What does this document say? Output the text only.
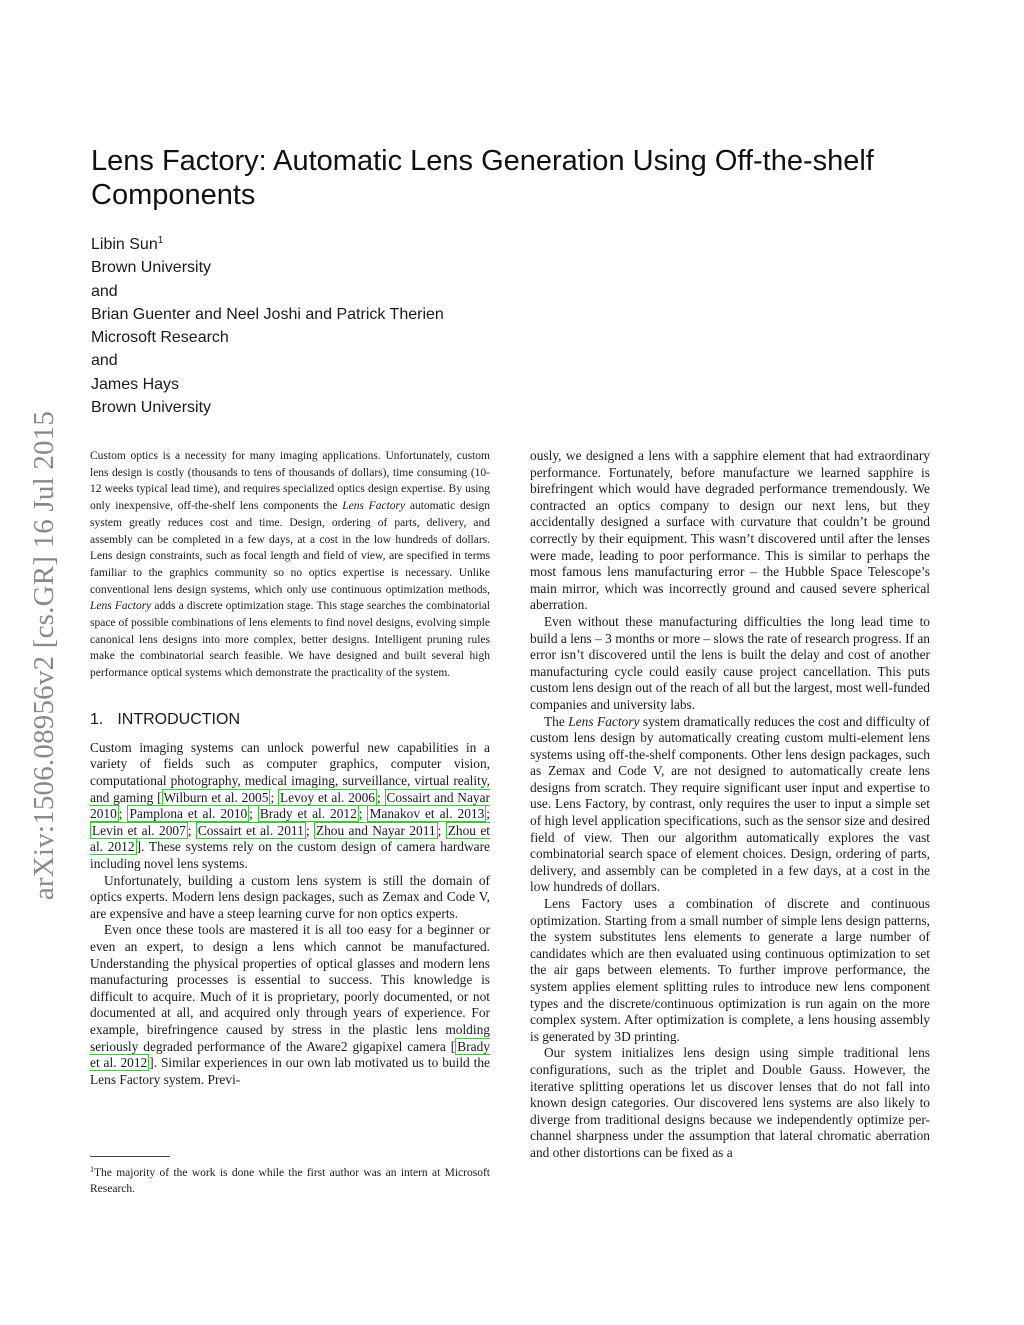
arXiv:1506.08956v2 [cs.GR] 16 Jul 2015
Lens Factory: Automatic Lens Generation Using Off-the-shelf Components
Libin Sun$^1$
Brown University
and
Brian Guenter and Neel Joshi and Patrick Therien
Microsoft Research
and
James Hays
Brown University

Custom optics is a necessity for many imaging applications. Unfortunately, custom lens design is costly (thousands to tens of thousands of dollars), time consuming (10-12 weeks typical lead time), and requires specialized optics design expertise. By using only inexpensive, off-the-shelf lens components the Lens Factory automatic design system greatly reduces cost and time. Design, ordering of parts, delivery, and assembly can be completed in a few days, at a cost in the low hundreds of dollars. Lens design constraints, such as focal length and field of view, are specified in terms familiar to the graphics community so no optics expertise is necessary. Unlike conventional lens design systems, which only use continuous optimization methods, Lens Factory adds a discrete optimization stage. This stage searches the combinatorial space of possible combinations of lens elements to find novel designs, evolving simple canonical lens designs into more complex, better designs. Intelligent pruning rules make the combinatorial search feasible. We have designed and built several high performance optical systems which demonstrate the practicality of the system.

1. INTRODUCTION

Custom imaging systems can unlock powerful new capabilities in a variety of fields such as computer graphics, computer vision, computational photography, medical imaging, surveillance, virtual reality, and gaming [ Wilburn et al. 2005 ; Levoy et al. 2006 ; Cossairt and Nayar 2010 ; Pamplona et al. 2010 ; Brady et al. 2012 ; Manakov et al. 2013 ; Levin et al. 2007 ; Cossairt et al. 2011 ; Zhou and Nayar 2011 ; Zhou et al. 2012 ]. These systems rely on the custom design of camera hardware including novel lens systems.

Unfortunately, building a custom lens system is still the domain of optics experts. Modern lens design packages, such as Zemax and Code V, are expensive and have a steep learning curve for non optics experts.

Even once these tools are mastered it is all too easy for a beginner or even an expert, to design a lens which cannot be manufactured. Understanding the physical properties of optical glasses and modern lens manufacturing processes is essential to success. This knowledge is difficult to acquire. Much of it is proprietary, poorly documented, or not documented at all, and acquired only through years of experience. For example, birefringence caused by stress in the plastic lens molding seriously degraded performance of the Aware2 gigapixel camera [ Brady et al. 2012 ]. Similar experiences in our own lab motivated us to build the Lens Factory system. Previ-

$^1$The majority of the work is done while the first author was an intern at Microsoft Research.

ously, we designed a lens with a sapphire element that had extraordinary performance. Fortunately, before manufacture we learned sapphire is birefringent which would have degraded performance tremendously. We contracted an optics company to design our next lens, but they accidentally designed a surface with curvature that couldn’t be ground correctly by their equipment. This wasn’t discovered until after the lenses were made, leading to poor performance. This is similar to perhaps the most famous lens manufacturing error – the Hubble Space Telescope’s main mirror, which was incorrectly ground and caused severe spherical aberration.

Even without these manufacturing difficulties the long lead time to build a lens – 3 months or more – slows the rate of research progress. If an error isn’t discovered until the lens is built the delay and cost of another manufacturing cycle could easily cause project cancellation. This puts custom lens design out of the reach of all but the largest, most well-funded companies and university labs.

The Lens Factory system dramatically reduces the cost and difficulty of custom lens design by automatically creating custom multi-element lens systems using off-the-shelf components. Other lens design packages, such as Zemax and Code V, are not designed to automatically create lens designs from scratch. They require significant user input and expertise to use. Lens Factory, by contrast, only requires the user to input a simple set of high level application specifications, such as the sensor size and desired field of view. Then our algorithm automatically explores the vast combinatorial search space of element choices. Design, ordering of parts, delivery, and assembly can be completed in a few days, at a cost in the low hundreds of dollars.

Lens Factory uses a combination of discrete and continuous optimization. Starting from a small number of simple lens design patterns, the system substitutes lens elements to generate a large number of candidates which are then evaluated using continuous optimization to set the air gaps between elements. To further improve performance, the system applies element splitting rules to introduce new lens component types and the discrete/continuous optimization is run again on the more complex system. After optimization is complete, a lens housing assembly is generated by 3D printing.

Our system initializes lens design using simple traditional lens configurations, such as the triplet and Double Gauss. However, the iterative splitting operations let us discover lenses that do not fall into known design categories. Our discovered lens systems are also likely to diverge from traditional designs because we independently optimize per-channel sharpness under the assumption that lateral chromatic aberration and other distortions can be fixed as a
